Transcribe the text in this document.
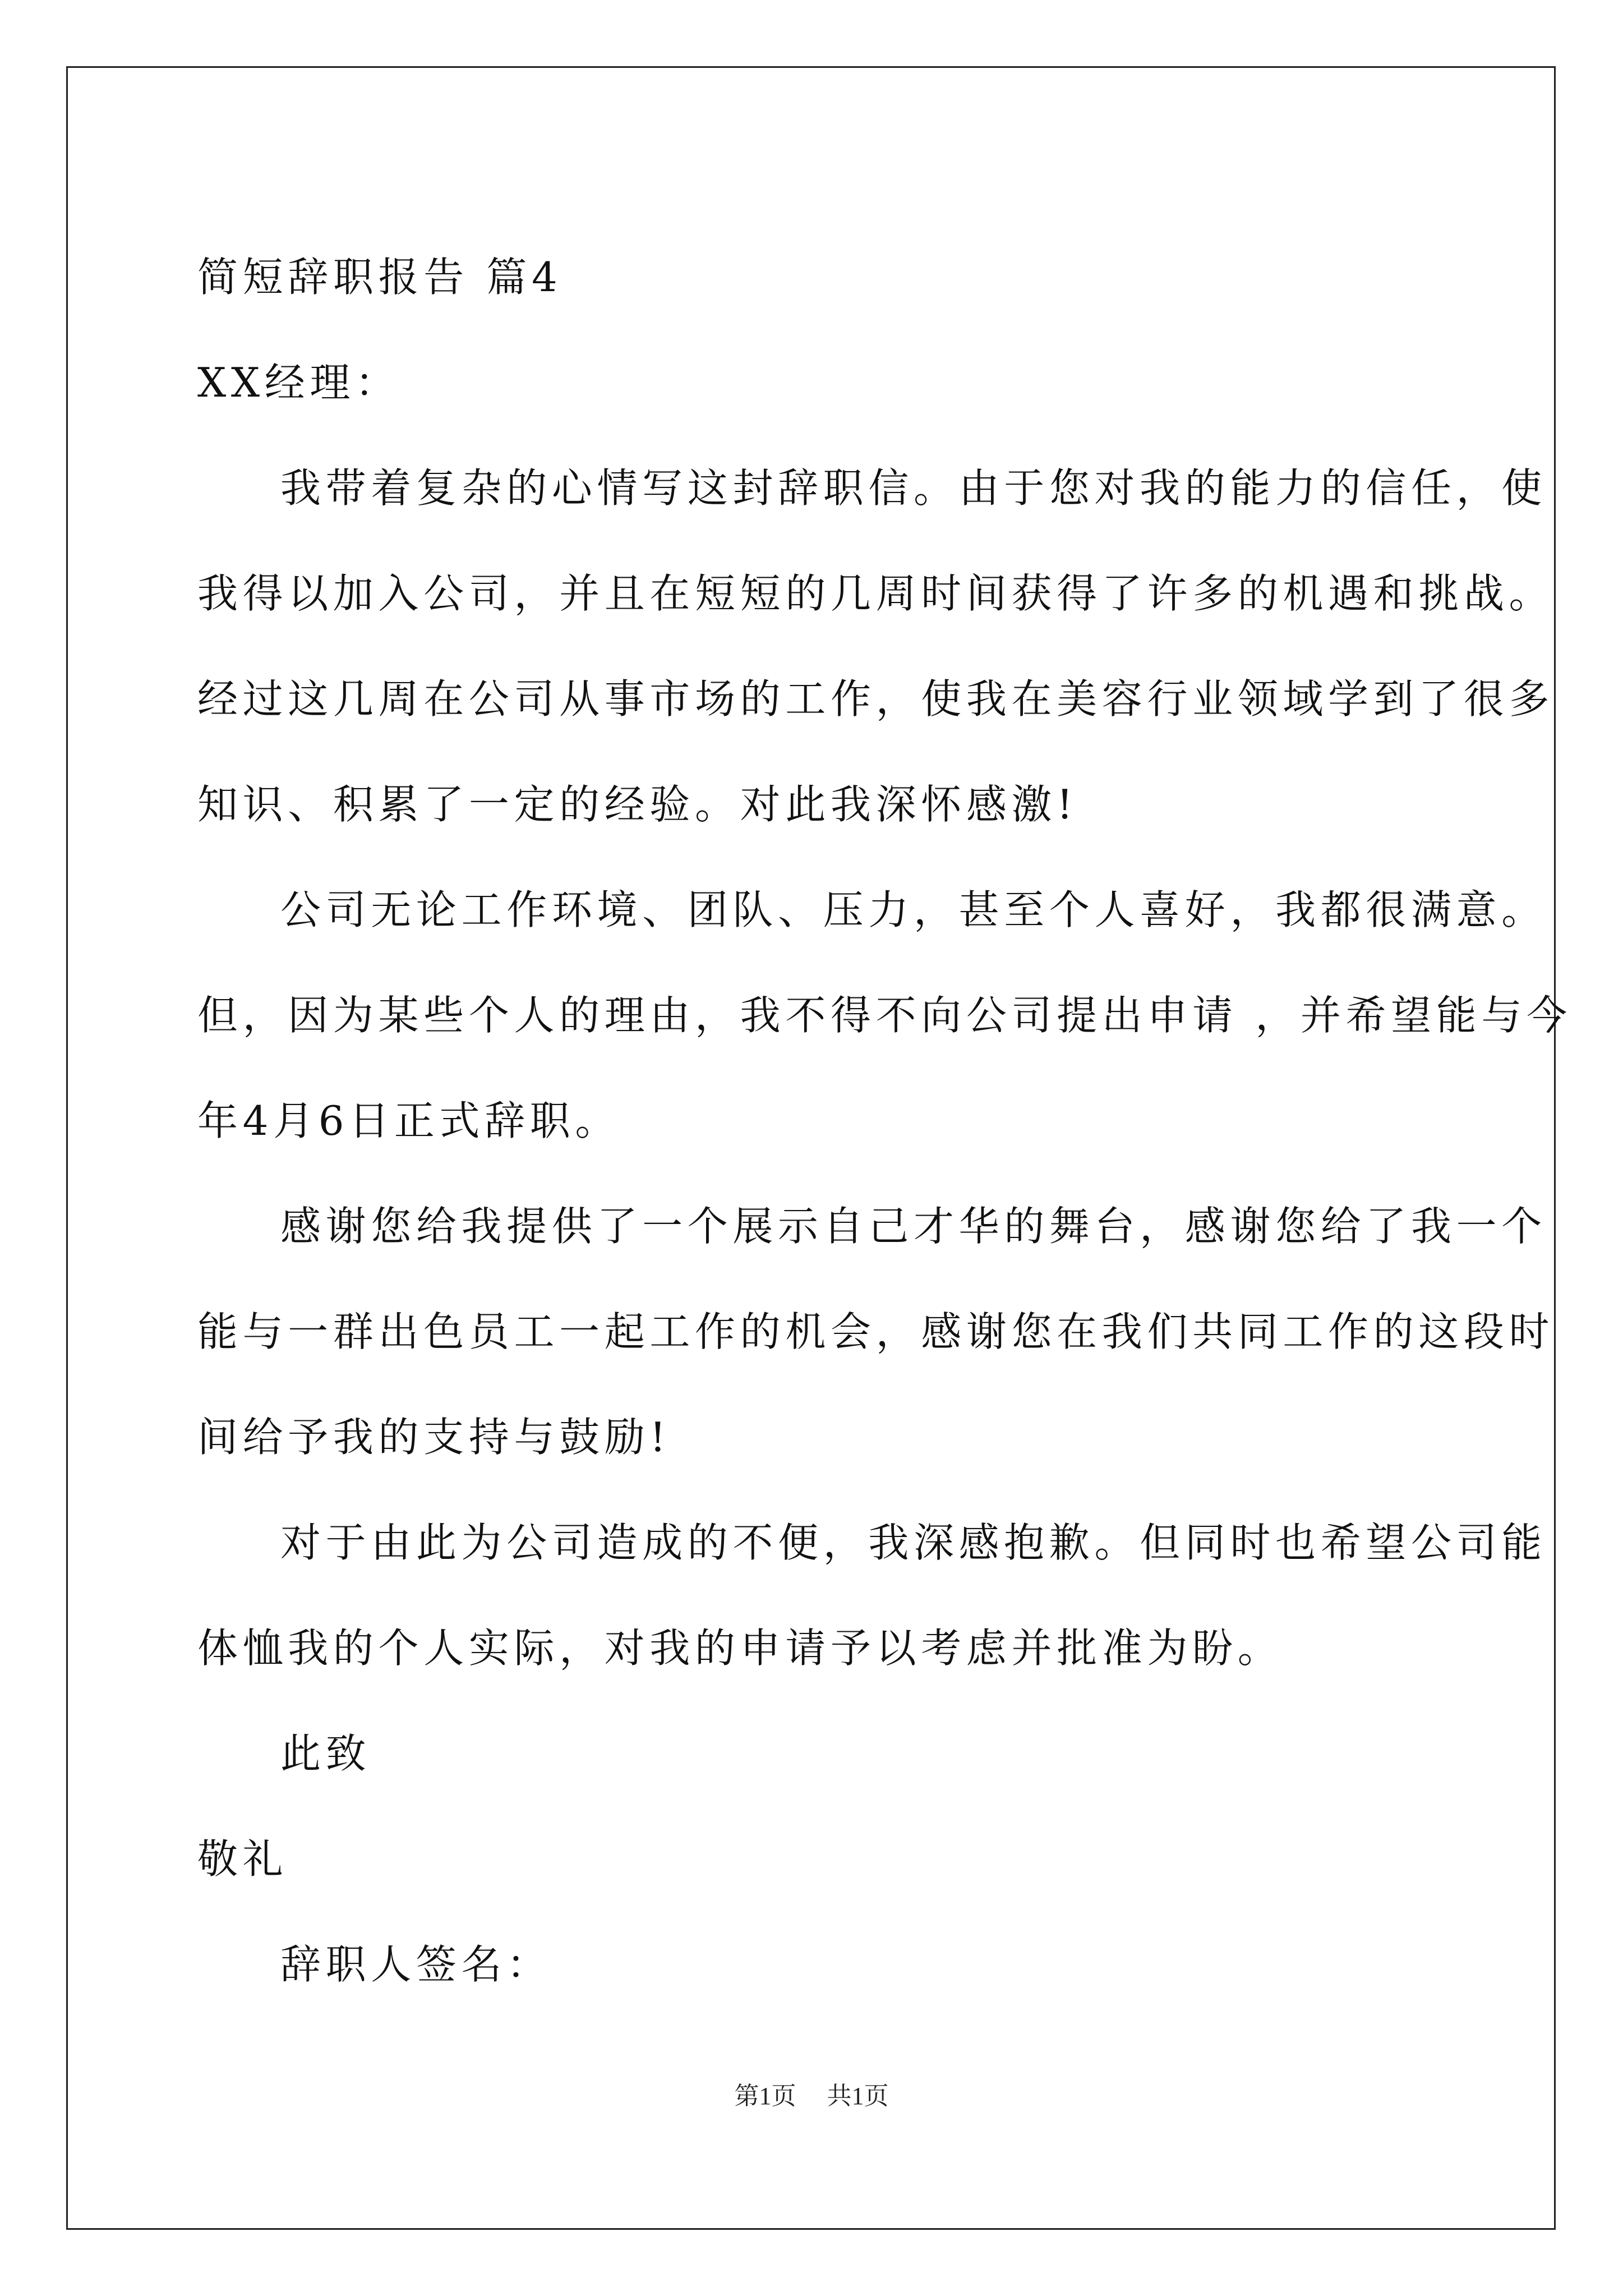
简短辞职报告 篇4
XX经理：
我带着复杂的心情写这封辞职信。由于您对我的能力的信任，使
我得以加入公司，并且在短短的几周时间获得了许多的机遇和挑战。
经过这几周在公司从事市场的工作，使我在美容行业领域学到了很多
知识、积累了一定的经验。对此我深怀感激!
公司无论工作环境、团队、压力，甚至个人喜好，我都很满意。
但，因为某些个人的理由，我不得不向公司提出申请 ，并希望能与今
年4月6日正式辞职。
感谢您给我提供了一个展示自己才华的舞台，感谢您给了我一个
能与一群出色员工一起工作的机会，感谢您在我们共同工作的这段时
间给予我的支持与鼓励!
对于由此为公司造成的不便，我深感抱歉。但同时也希望公司能
体恤我的个人实际，对我的申请予以考虑并批准为盼。
此致
敬礼
辞职人签名：
第1页 共1页
